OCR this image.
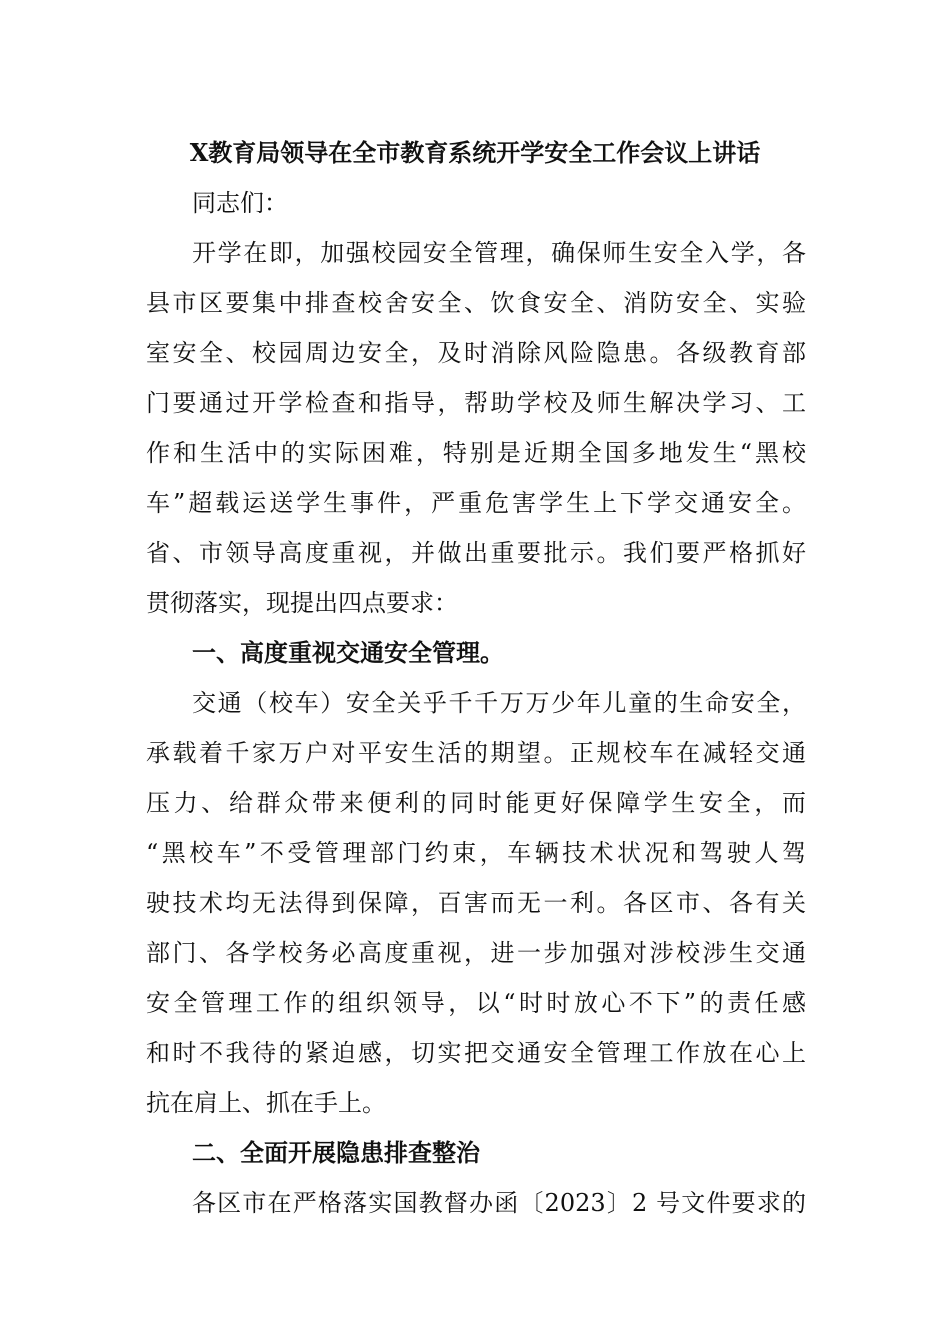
X教育局领导在全市教育系统开学安全工作会议上讲话
同志们：
开学在即，加强校园安全管理，确保师生安全入学，各
县市区要集中排查校舍安全、饮食安全、消防安全、实验
室安全、校园周边安全，及时消除风险隐患。各级教育部
门要通过开学检查和指导，帮助学校及师生解决学习、工
作和生活中的实际困难，特别是近期全国多地发生“黑校
车”超载运送学生事件，严重危害学生上下学交通安全。
省、市领导高度重视，并做出重要批示。我们要严格抓好
贯彻落实，现提出四点要求：
一、高度重视交通安全管理。
交通（校车）安全关乎千千万万少年儿童的生命安全，
承载着千家万户对平安生活的期望。正规校车在减轻交通
压力、给群众带来便利的同时能更好保障学生安全，而
“黑校车”不受管理部门约束，车辆技术状况和驾驶人驾
驶技术均无法得到保障，百害而无一利。各区市、各有关
部门、各学校务必高度重视，进一步加强对涉校涉生交通
安全管理工作的组织领导，以“时时放心不下”的责任感
和时不我待的紧迫感，切实把交通安全管理工作放在心上
抗在肩上、抓在手上。
二、全面开展隐患排查整治
各区市在严格落实国教督办函〔2023〕2 号文件要求的
